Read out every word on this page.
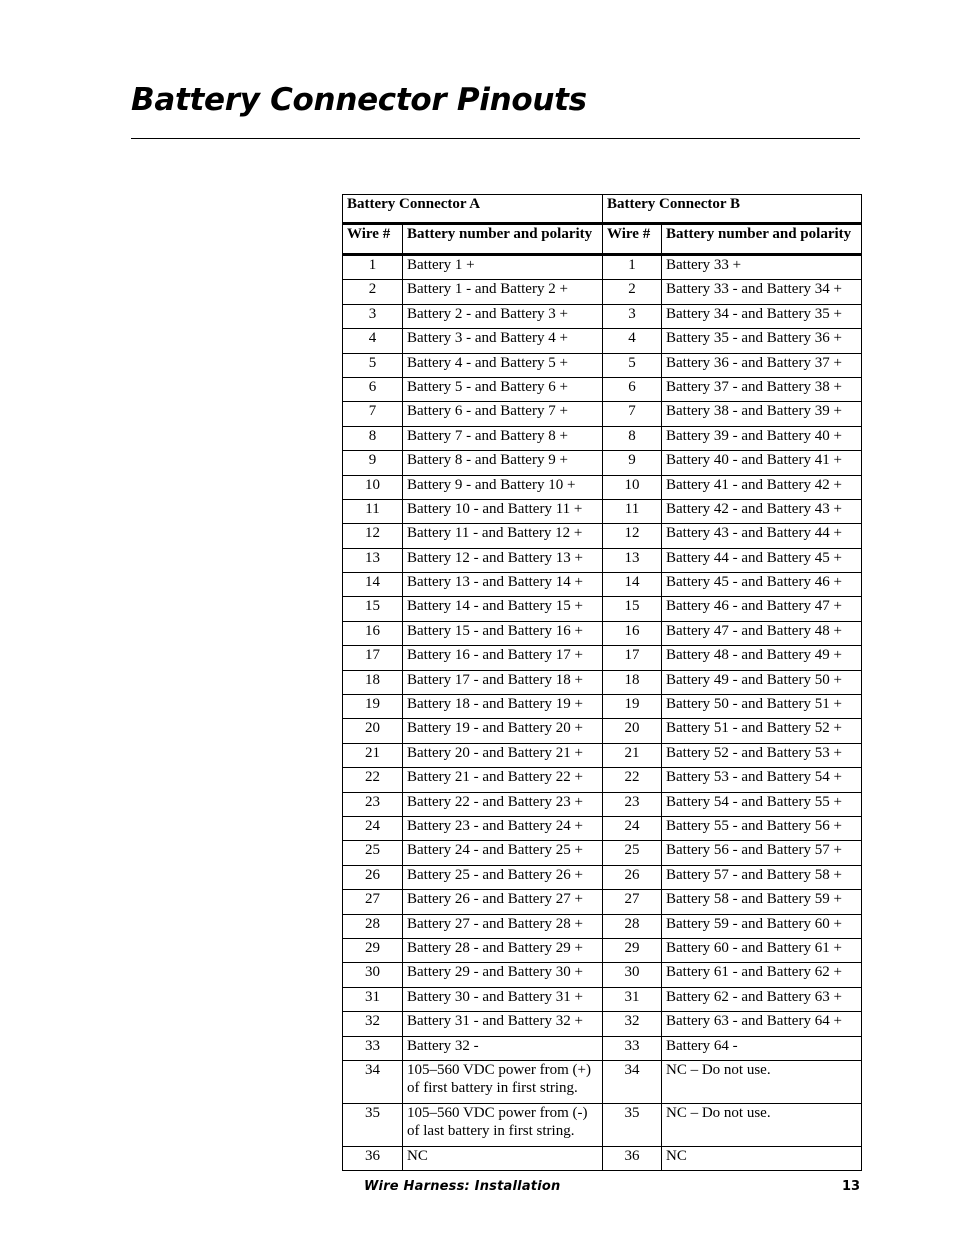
Battery Connector Pinouts
Battery Connector A		Battery Connector B	
Wire #	Battery number and polarity	Wire #	Battery number and polarity
1	Battery 1 +	1	Battery 33 +
2	Battery 1 - and Battery 2 +	2	Battery 33 - and Battery 34 +
3	Battery 2 - and Battery 3 +	3	Battery 34 - and Battery 35 +
4	Battery 3 - and Battery 4 +	4	Battery 35 - and Battery 36 +
5	Battery 4 - and Battery 5 +	5	Battery 36 - and Battery 37 +
6	Battery 5 - and Battery 6 +	6	Battery 37 - and Battery 38 +
7	Battery 6 - and Battery 7 +	7	Battery 38 - and Battery 39 +
8	Battery 7 - and Battery 8 +	8	Battery 39 - and Battery 40 +
9	Battery 8 - and Battery 9 +	9	Battery 40 - and Battery 41 +
10	Battery 9 - and Battery 10 +	10	Battery 41 - and Battery 42 +
11	Battery 10 - and Battery 11 +	11	Battery 42 - and Battery 43 +
12	Battery 11 - and Battery 12 +	12	Battery 43 - and Battery 44 +
13	Battery 12 - and Battery 13 +	13	Battery 44 - and Battery 45 +
14	Battery 13 - and Battery 14 +	14	Battery 45 - and Battery 46 +
15	Battery 14 - and Battery 15 +	15	Battery 46 - and Battery 47 +
16	Battery 15 - and Battery 16 +	16	Battery 47 - and Battery 48 +
17	Battery 16 - and Battery 17 +	17	Battery 48 - and Battery 49 +
18	Battery 17 - and Battery 18 +	18	Battery 49 - and Battery 50 +
19	Battery 18 - and Battery 19 +	19	Battery 50 - and Battery 51 +
20	Battery 19 - and Battery 20 +	20	Battery 51 - and Battery 52 +
21	Battery 20 - and Battery 21 +	21	Battery 52 - and Battery 53 +
22	Battery 21 - and Battery 22 +	22	Battery 53 - and Battery 54 +
23	Battery 22 - and Battery 23 +	23	Battery 54 - and Battery 55 +
24	Battery 23 - and Battery 24 +	24	Battery 55 - and Battery 56 +
25	Battery 24 - and Battery 25 +	25	Battery 56 - and Battery 57 +
26	Battery 25 - and Battery 26 +	26	Battery 57 - and Battery 58 +
27	Battery 26 - and Battery 27 +	27	Battery 58 - and Battery 59 +
28	Battery 27 - and Battery 28 +	28	Battery 59 - and Battery 60 +
29	Battery 28 - and Battery 29 +	29	Battery 60 - and Battery 61 +
30	Battery 29 - and Battery 30 +	30	Battery 61 - and Battery 62 +
31	Battery 30 - and Battery 31 +	31	Battery 62 - and Battery 63 +
32	Battery 31 - and Battery 32 +	32	Battery 63 - and Battery 64 +
33	Battery 32 -	33	Battery 64 -
34	105–560 VDC power from (+) of first battery in first string.	34	NC – Do not use.
35	105–560 VDC power from (-) of last battery in first string.	35	NC – Do not use.
36	NC	36	NC
Wire Harness: Installation	13
